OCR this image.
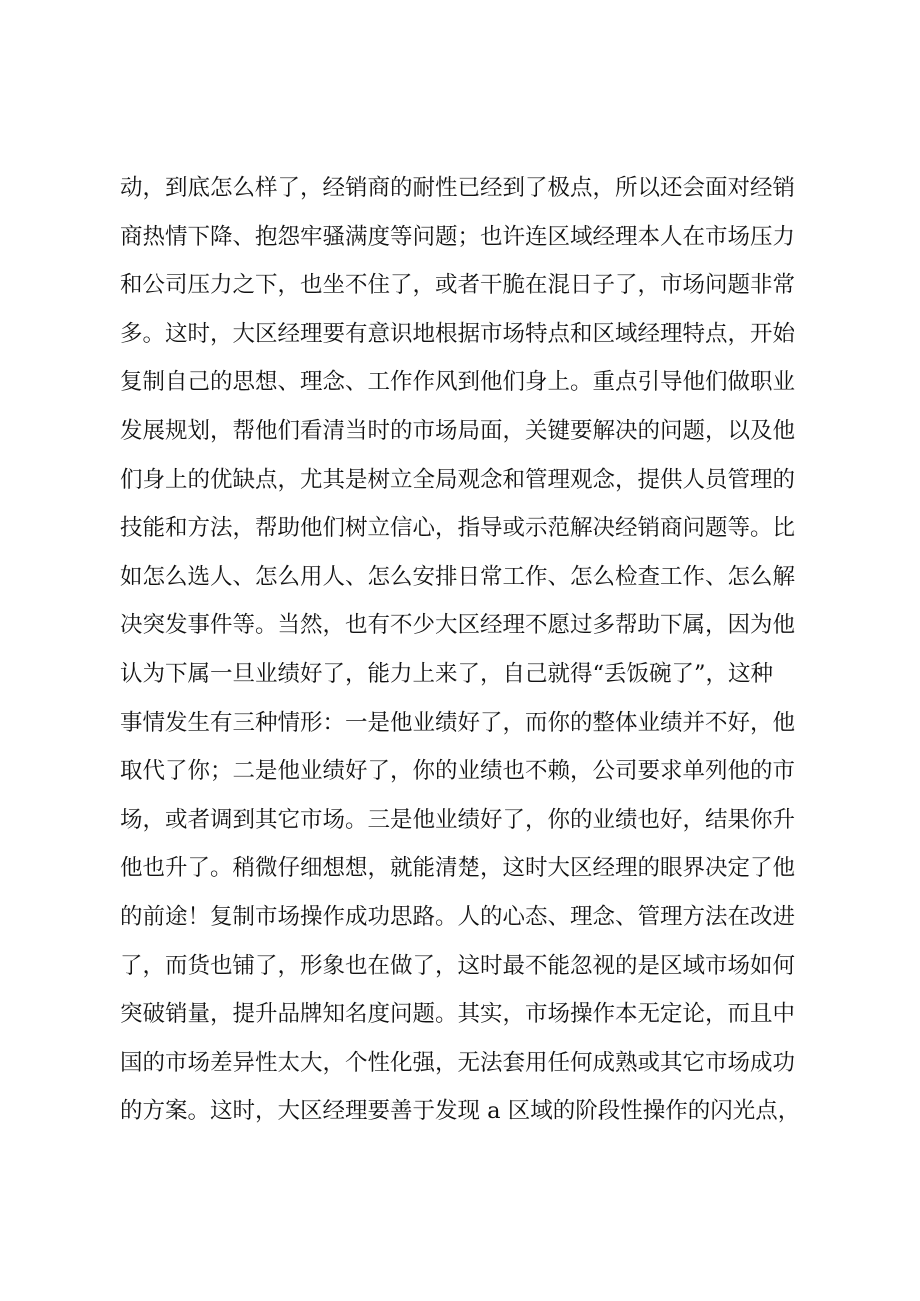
动，到底怎么样了，经销商的耐性已经到了极点，所以还会面对经销
商热情下降、抱怨牢骚满度等问题；也许连区域经理本人在市场压力
和公司压力之下，也坐不住了，或者干脆在混日子了，市场问题非常
多。这时，大区经理要有意识地根据市场特点和区域经理特点，开始
复制自己的思想、理念、工作作风到他们身上。重点引导他们做职业
发展规划，帮他们看清当时的市场局面，关键要解决的问题，以及他
们身上的优缺点，尤其是树立全局观念和管理观念，提供人员管理的
技能和方法，帮助他们树立信心，指导或示范解决经销商问题等。比
如怎么选人、怎么用人、怎么安排日常工作、怎么检查工作、怎么解
决突发事件等。当然，也有不少大区经理不愿过多帮助下属，因为他
认为下属一旦业绩好了，能力上来了，自己就得“丢饭碗了”，这种
事情发生有三种情形：一是他业绩好了，而你的整体业绩并不好，他
取代了你；二是他业绩好了，你的业绩也不赖，公司要求单列他的市
场，或者调到其它市场。三是他业绩好了，你的业绩也好，结果你升
他也升了。稍微仔细想想，就能清楚，这时大区经理的眼界决定了他
的前途！复制市场操作成功思路。人的心态、理念、管理方法在改进
了，而货也铺了，形象也在做了，这时最不能忽视的是区域市场如何
突破销量，提升品牌知名度问题。其实，市场操作本无定论，而且中
国的市场差异性太大，个性化强，无法套用任何成熟或其它市场成功
的方案。这时，大区经理要善于发现 a 区域的阶段性操作的闪光点，
